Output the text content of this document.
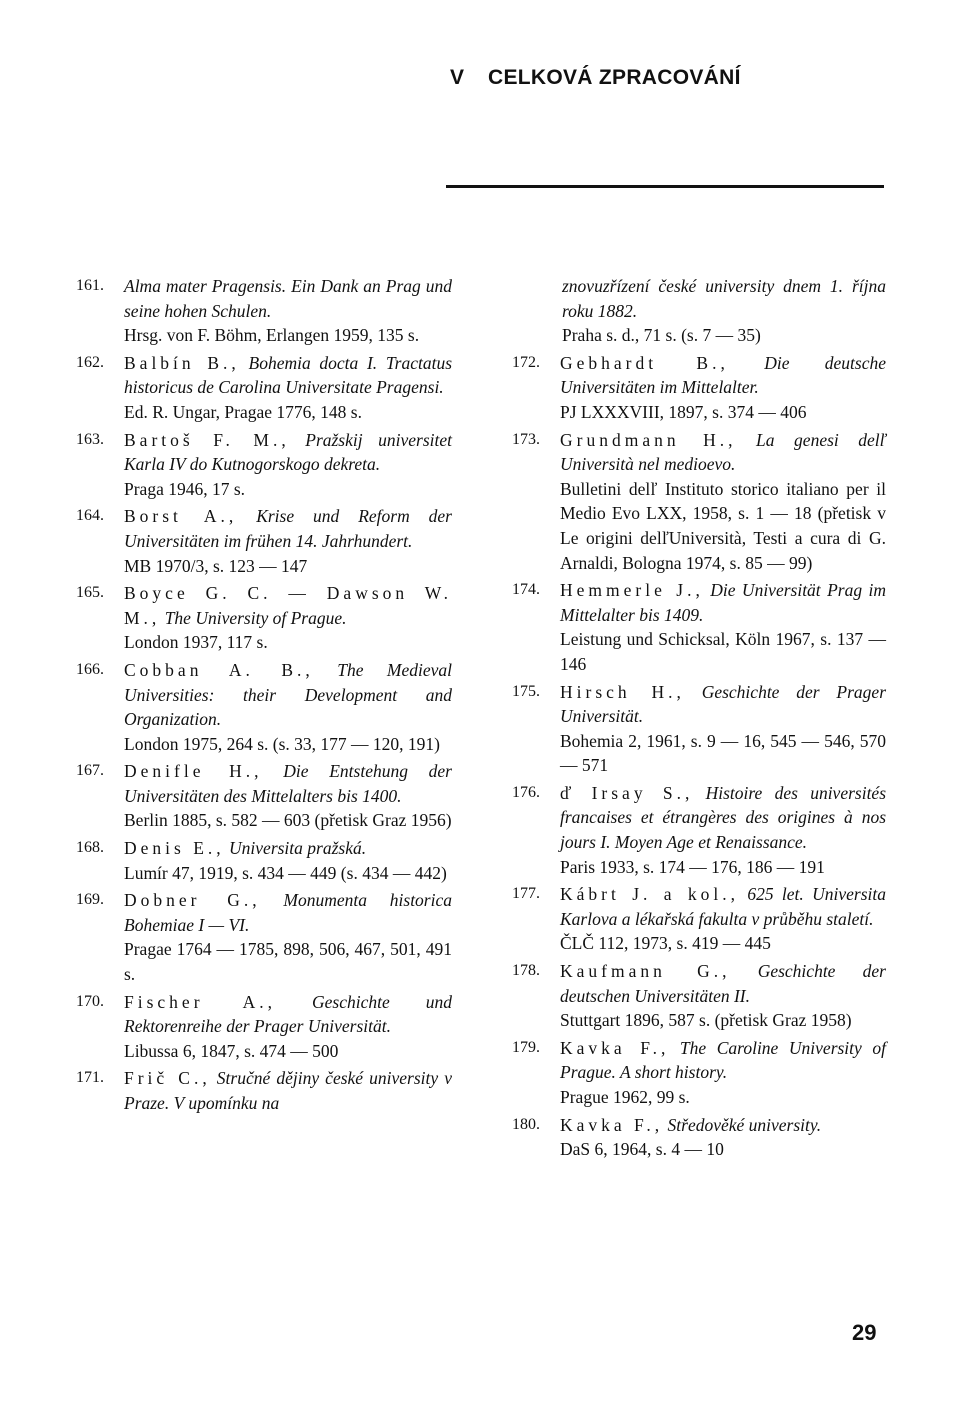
V CELKOVÁ ZPRACOVÁNÍ
161. Alma mater Pragensis. Ein Dank an Prag und seine hohen Schulen.
Hrsg. von F. Böhm, Erlangen 1959, 135 s.
162. Balbín B., Bohemia docta I. Tractatus historicus de Carolina Universitate Pragensi.
Ed. R. Ungar, Pragae 1776, 148 s.
163. Bartoš F. M., Pražskij universitet Karla IV do Kutnogorskogo dekreta.
Praga 1946, 17 s.
164. Borst A., Krise und Reform der Universitäten im frühen 14. Jahrhundert.
MB 1970/3, s. 123 — 147
165. Boyce G. C. — Dawson W. M., The University of Prague.
London 1937, 117 s.
166. Cobban A. B., The Medieval Universities: their Development and Organization.
London 1975, 264 s. (s. 33, 177 — 120, 191)
167. Denifle H., Die Entstehung der Universitäten des Mittelalters bis 1400.
Berlin 1885, s. 582 — 603 (přetisk Graz 1956)
168. Denis E., Universita pražská.
Lumír 47, 1919, s. 434 — 449 (s. 434 — 442)
169. Dobner G., Monumenta historica Bohemiae I — VI.
Pragae 1764 — 1785, 898, 506, 467, 501, 491 s.
170. Fischer A., Geschichte und Rektorenreihe der Prager Universität.
Libussa 6, 1847, s. 474 — 500
171. Frič C., Stručné dějiny české university v Praze. V upomínku na
znovuzřízení české university dnem 1. října roku 1882.
Praha s. d., 71 s. (s. 7 — 35)
172. Gebhardt B., Die deutsche Universitäten im Mittelalter.
PJ LXXXVIII, 1897, s. 374 — 406
173. Grundmann H., La genesi delľ Università nel medioevo.
Bulletini delľ Instituto storico italiano per il Medio Evo LXX, 1958, s. 1 — 18 (přetisk v Le origini delľUniversità, Testi a cura di G. Arnaldi, Bologna 1974, s. 85 — 99)
174. Hemmerle J., Die Universität Prag im Mittelalter bis 1409.
Leistung und Schicksal, Köln 1967, s. 137 — 146
175. Hirsch H., Geschichte der Prager Universität.
Bohemia 2, 1961, s. 9 — 16, 545 — 546, 570 — 571
176. ď Irsay S., Histoire des universités francaises et étrangères des origines à nos jours I. Moyen Age et Renaissance.
Paris 1933, s. 174 — 176, 186 — 191
177. Kábrt J. a kol., 625 let. Universita Karlova a lékařská fakulta v průběhu staletí.
ČLČ 112, 1973, s. 419 — 445
178. Kaufmann G., Geschichte der deutschen Universitäten II.
Stuttgart 1896, 587 s. (přetisk Graz 1958)
179. Kavka F., The Caroline University of Prague. A short history.
Prague 1962, 99 s.
180. Kavka F., Středověké university.
DaS 6, 1964, s. 4 — 10
29
